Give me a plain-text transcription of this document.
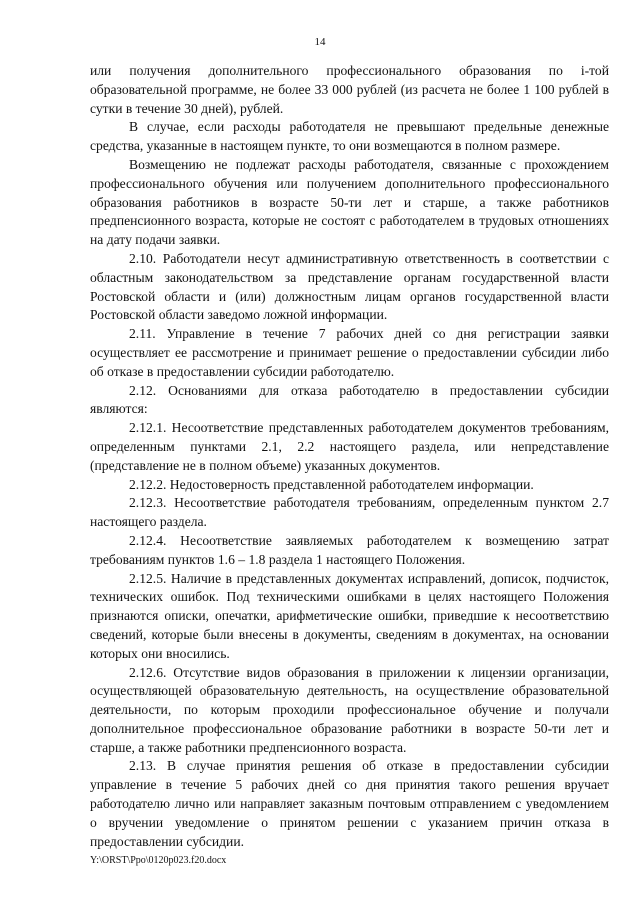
14

или получения дополнительного профессионального образования по i-той образовательной программе, не более 33 000 рублей (из расчета не более 1 100 рублей в сутки в течение 30 дней), рублей.

В случае, если расходы работодателя не превышают предельные денежные средства, указанные в настоящем пункте, то они возмещаются в полном размере.

Возмещению не подлежат расходы работодателя, связанные с прохождением профессионального обучения или получением дополнительного профессионального образования работников в возрасте 50-ти лет и старше, а также работников предпенсионного возраста, которые не состоят с работодателем в трудовых отношениях на дату подачи заявки.

2.10. Работодатели несут административную ответственность в соответствии с областным законодательством за представление органам государственной власти Ростовской области и (или) должностным лицам органов государственной власти Ростовской области заведомо ложной информации.

2.11. Управление в течение 7 рабочих дней со дня регистрации заявки осуществляет ее рассмотрение и принимает решение о предоставлении субсидии либо об отказе в предоставлении субсидии работодателю.

2.12. Основаниями для отказа работодателю в предоставлении субсидии являются:

2.12.1. Несоответствие представленных работодателем документов требованиям, определенным пунктами 2.1, 2.2 настоящего раздела, или непредставление (представление не в полном объеме) указанных документов.

2.12.2. Недостоверность представленной работодателем информации.

2.12.3. Несоответствие работодателя требованиям, определенным пунктом 2.7 настоящего раздела.

2.12.4. Несоответствие заявляемых работодателем к возмещению затрат требованиям пунктов 1.6 – 1.8 раздела 1 настоящего Положения.

2.12.5. Наличие в представленных документах исправлений, дописок, подчисток, технических ошибок. Под техническими ошибками в целях настоящего Положения признаются описки, опечатки, арифметические ошибки, приведшие к несоответствию сведений, которые были внесены в документы, сведениям в документах, на основании которых они вносились.

2.12.6. Отсутствие видов образования в приложении к лицензии организации, осуществляющей образовательную деятельность, на осуществление образовательной деятельности, по которым проходили профессиональное обучение и получали дополнительное профессиональное образование работники в возрасте 50-ти лет и старше, а также работники предпенсионного возраста.

2.13. В случае принятия решения об отказе в предоставлении субсидии управление в течение 5 рабочих дней со дня принятия такого решения вручает работодателю лично или направляет заказным почтовым отправлением с уведомлением о вручении уведомление о принятом решении с указанием причин отказа в предоставлении субсидии.

Y:\ORST\Ppo\0120p023.f20.docx
